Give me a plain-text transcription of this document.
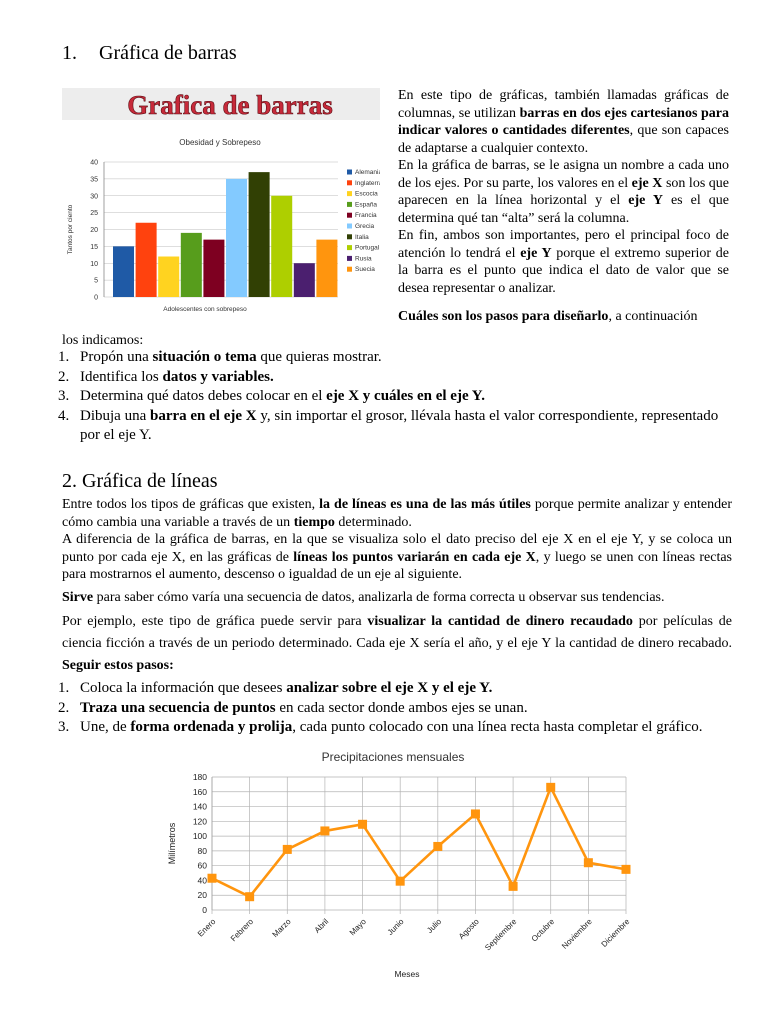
1. Gráfica de barras
Grafica de barras
Obesidad y Sobrepeso
0
5
10
15
20
25
30
35
40
Tantos por ciento
Adolescentes con sobrepeso
Alemania
Inglaterra
Escocia
España
Francia
Grecia
Italia
Portugal
Rusia
Suecia

En este tipo de gráficas, también llamadas gráficas de columnas, se utilizan barras en dos ejes cartesianos para indicar valores o cantidades diferentes, que son capaces de adaptarse a cualquier contexto.

En la gráfica de barras, se le asigna un nombre a cada uno de los ejes. Por su parte, los valores en el eje X son los que aparecen en la línea horizontal y el eje Y es el que determina qué tan “alta” será la columna.

En fin, ambos son importantes, pero el principal foco de atención lo tendrá el eje Y porque el extremo superior de la barra es el punto que indica el dato de valor que se desea representar o analizar.

Cuáles son los pasos para diseñarlo, a continuación
los indicamos:
1. Propón una situación o tema que quieras mostrar.
2. Identifica los datos y variables.
3. Determina qué datos debes colocar en el eje X y cuáles en el eje Y.
4. Dibuja una barra en el eje X y, sin importar el grosor, llévala hasta el valor correspondiente, representado por el eje Y.
2. Gráfica de líneas

Entre todos los tipos de gráficas que existen, la de líneas es una de las más útiles porque permite analizar y entender cómo cambia una variable a través de un tiempo determinado.

A diferencia de la gráfica de barras, en la que se visualiza solo el dato preciso del eje X en el eje Y, y se coloca un punto por cada eje X, en las gráficas de líneas los puntos variarán en cada eje X, y luego se unen con líneas rectas para mostrarnos el aumento, descenso o igualdad de un eje al siguiente.

Sirve para saber cómo varía una secuencia de datos, analizarla de forma correcta u observar sus tendencias.

Por ejemplo, este tipo de gráfica puede servir para visualizar la cantidad de dinero recaudado por películas de ciencia ficción a través de un periodo determinado. Cada eje X sería el año, y el eje Y la cantidad de dinero recabado. Seguir estos pasos:

1. Coloca la información que desees analizar sobre el eje X y el eje Y.
2. Traza una secuencia de puntos en cada sector donde ambos ejes se unan.
3. Une, de forma ordenada y prolija, cada punto colocado con una línea recta hasta completar el gráfico.
Precipitaciones mensuales
0
20
40
60
80
100
120
140
160
180
Enero Febrero Marzo Abril Mayo Junio Julio Agosto Septiembre Octubre Noviembre Diciembre
Milímetros
Meses
